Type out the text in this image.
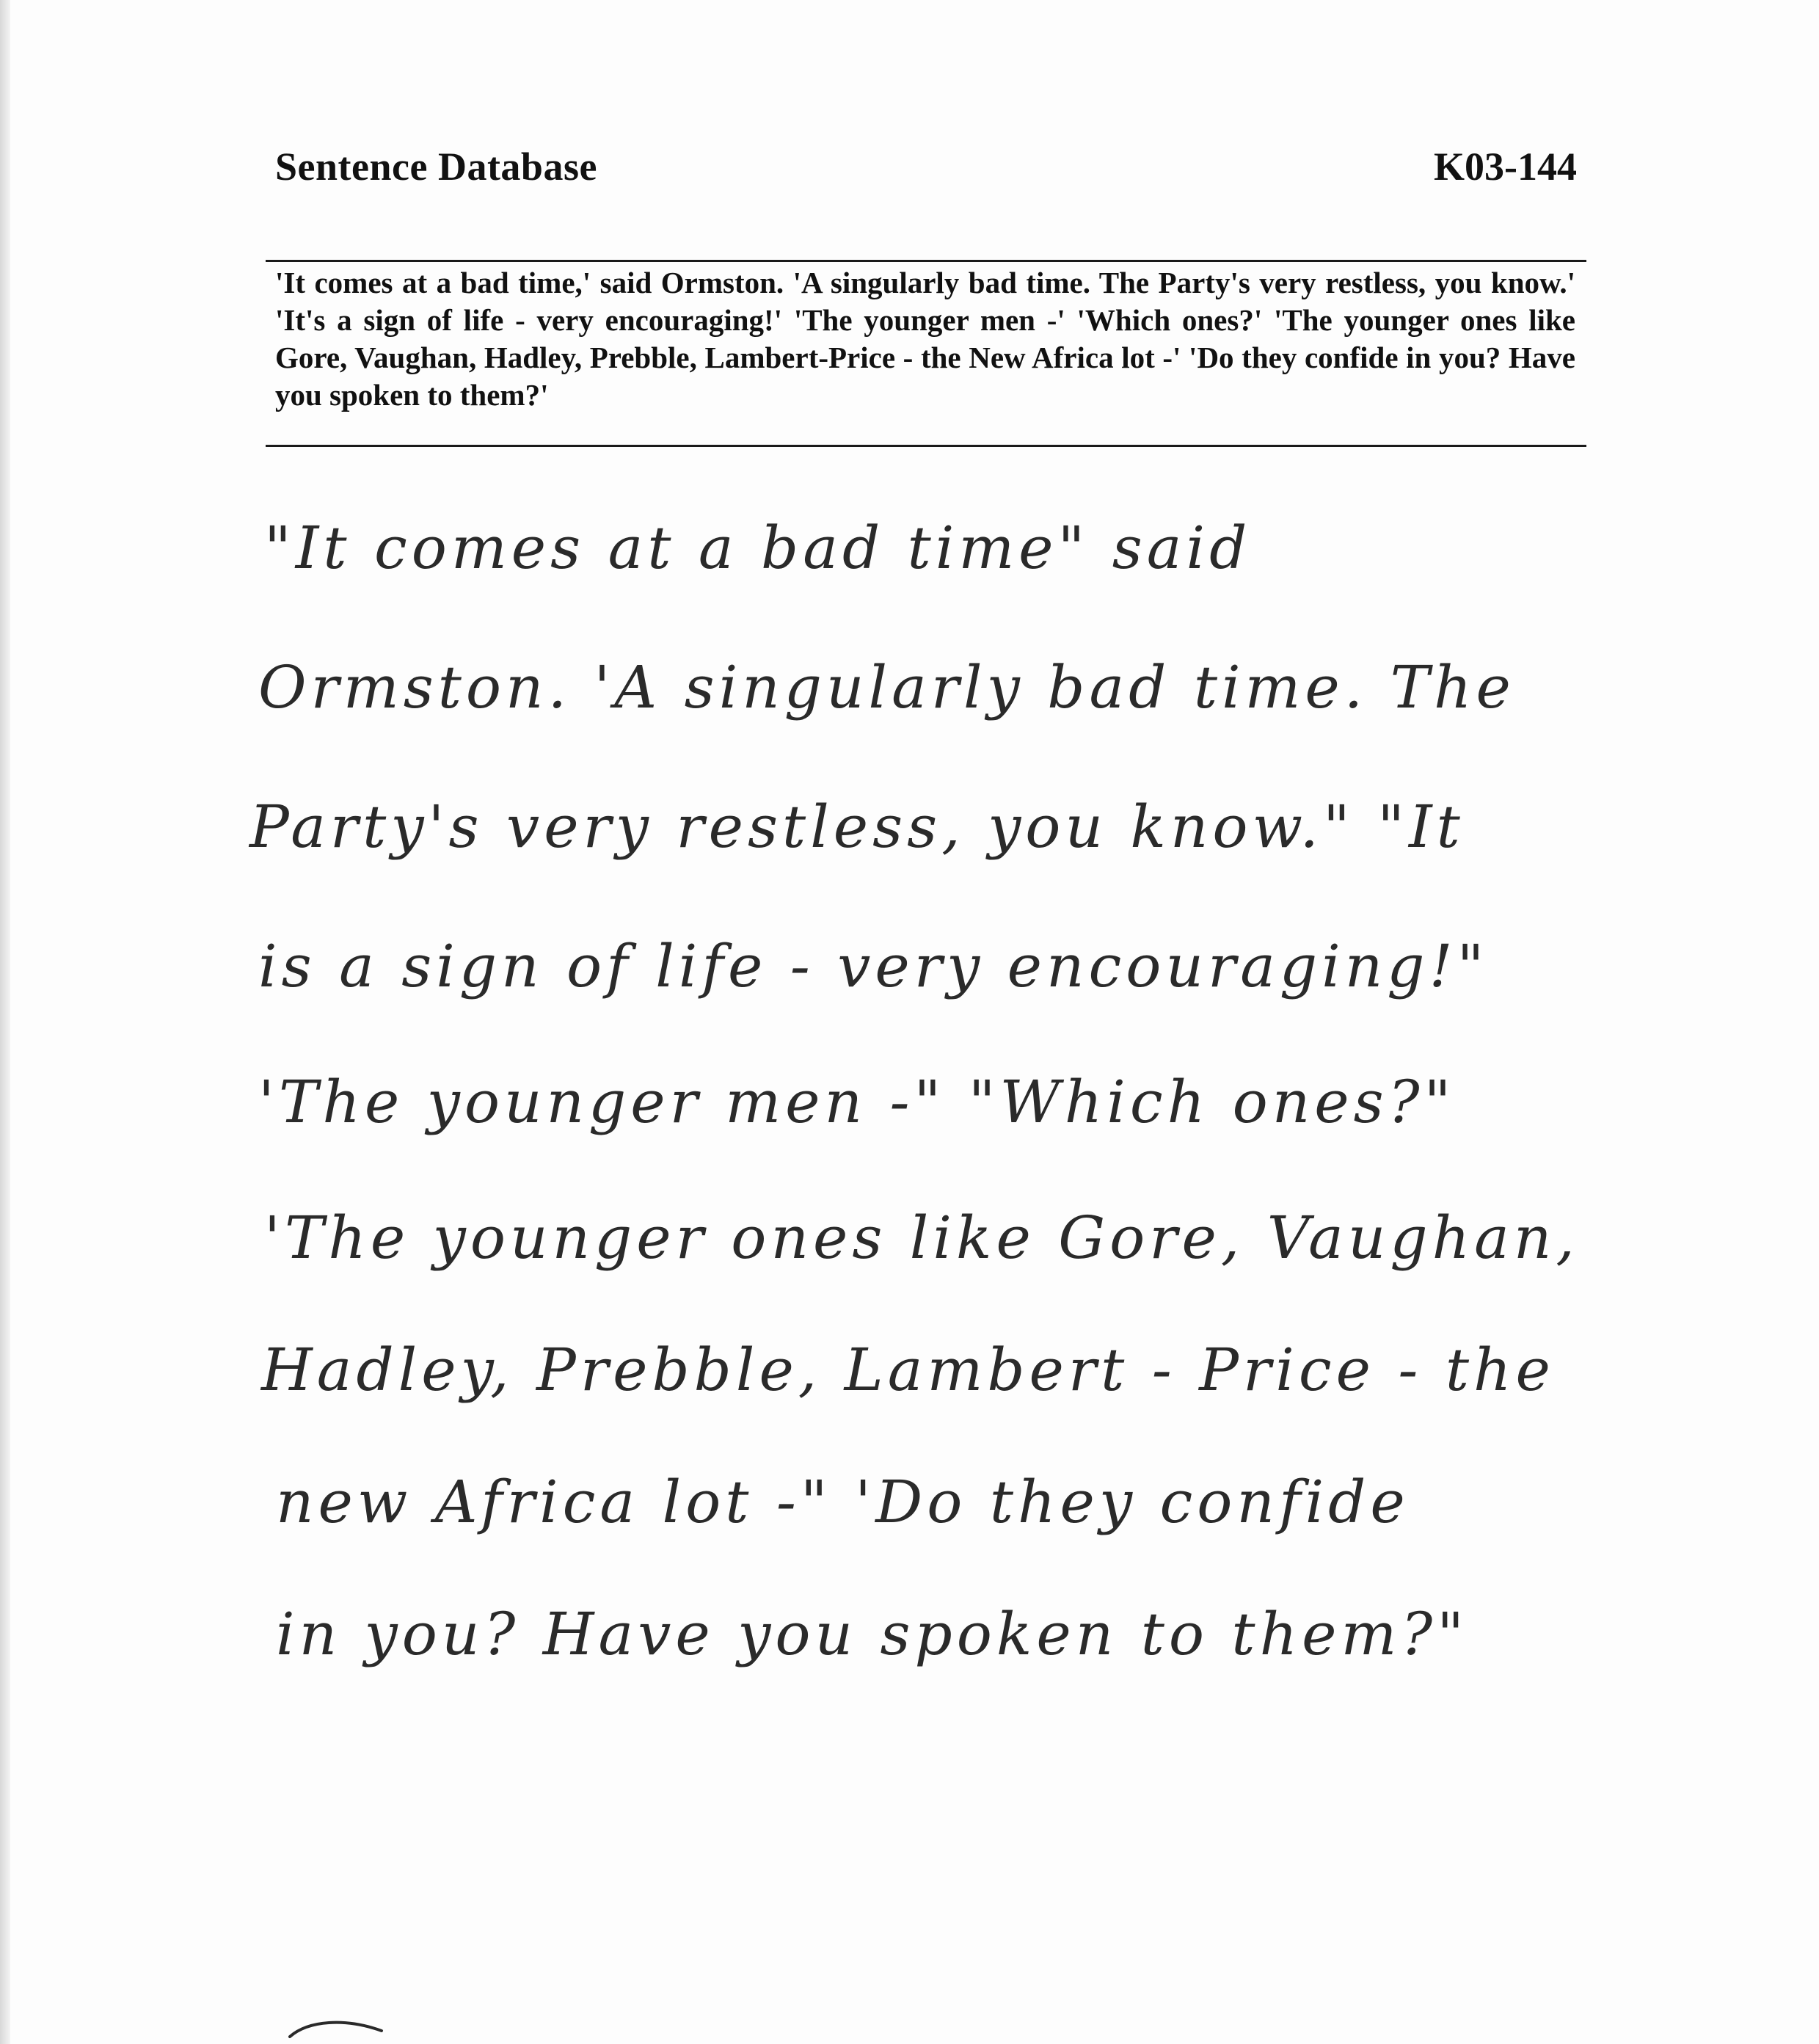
Sentence Database	K03-144
'It comes at a bad time,' said Ormston. 'A singularly bad time. The Party's very restless, you know.' 'It's a sign of life - very encouraging!' 'The younger men -' 'Which ones?' 'The younger ones like Gore, Vaughan, Hadley, Prebble, Lambert-Price - the New Africa lot -' 'Do they confide in you? Have you spoken to them?'
"It comes at a bad time" said
Ormston. 'A singularly bad time. The
Party's very restless, you know." "It
is a sign of life - very encouraging!"
'The younger men -" "Which ones?"
'The younger ones like Gore, Vaughan,
Hadley, Prebble, Lambert - Price - the
new Africa lot -" 'Do they confide
in you? Have you spoken to them?"
